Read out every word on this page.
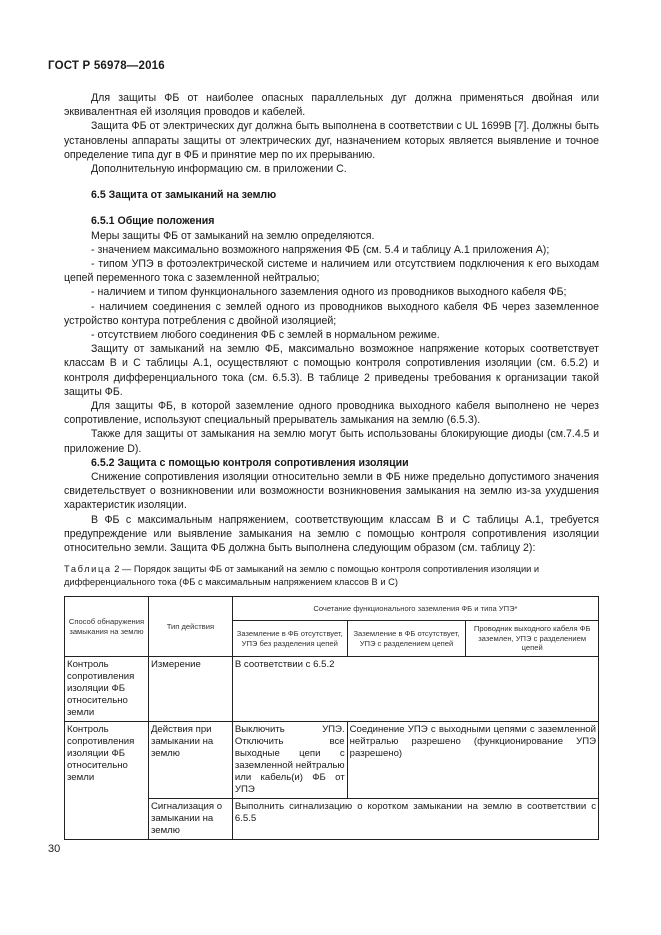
ГОСТ Р 56978—2016

Для защиты ФБ от наиболее опасных параллельных дуг должна применяться двойная или эквивалентная ей изоляция проводов и кабелей.

Защита ФБ от электрических дуг должна быть выполнена в соответствии с UL 1699B [7]. Должны быть установлены аппараты защиты от электрических дуг, назначением которых является выявление и точное определение типа дуг в ФБ и принятие мер по их прерыванию.

Дополнительную информацию см. в приложении С.

6.5 Защита от замыканий на землю
6.5.1 Общие положения

Меры защиты ФБ от замыканий на землю определяются.

- значением максимально возможного напряжения ФБ (см. 5.4 и таблицу А.1 приложения А);

- типом УПЭ в фотоэлектрической системе и наличием или отсутствием подключения к его выходам цепей переменного тока с заземленной нейтралью;

- наличием и типом функционального заземления одного из проводников выходного кабеля ФБ;

- наличием соединения с землей одного из проводников выходного кабеля ФБ через заземленное устройство контура потребления с двойной изоляцией;

- отсутствием любого соединения ФБ с землей в нормальном режиме.

Защиту от замыканий на землю ФБ, максимально возможное напряжение которых соответствует классам В и С таблицы А.1, осуществляют с помощью контроля сопротивления изоляции (см. 6.5.2) и контроля дифференциального тока (см. 6.5.3). В таблице 2 приведены требования к организации такой защиты ФБ.

Для защиты ФБ, в которой заземление одного проводника выходного кабеля выполнено не через сопротивление, используют специальный прерыватель замыкания на землю (6.5.3).

Также для защиты от замыкания на землю могут быть использованы блокирующие диоды (см.7.4.5 и приложение D).

6.5.2 Защита с помощью контроля сопротивления изоляции

Снижение сопротивления изоляции относительно земли в ФБ ниже предельно допустимого значения свидетельствует о возникновении или возможности возникновения замыкания на землю из-за ухудшения характеристик изоляции.

В ФБ с максимальным напряжением, соответствующим классам В и С таблицы А.1, требуется предупреждение или выявление замыкания на землю с помощью контроля сопротивления изоляции относительно земли. Защита ФБ должна быть выполнена следующим образом (см. таблицу 2):

Таблица 2 — Порядок защиты ФБ от замыканий на землю с помощью контроля сопротивления изоляции и дифференциального тока (ФБ с максимальным напряжением классов В и С)
Способ обнаружения замыкания на землю	Тип действия	Сочетание функционального заземления ФБ и типа УПЭ*		
		Заземление в ФБ отсутствует, УПЭ без разделения цепей	Заземление в ФБ отсутствует, УПЭ с разделением цепей	Проводник выходного кабеля ФБ заземлен, УПЭ с разделением цепей
Контроль сопротивления изоляции ФБ относительно земли	Измерение	В соответствии с 6.5.2		
Контроль сопротивления изоляции ФБ относительно земли	Действия при замыкании на землю	Выключить УПЭ. Отключить все выходные цепи с заземленной нейтралью или кабель(и) ФБ от УПЭ	Соединение УПЭ с выходными цепями с заземленной нейтралью разрешено (функционирование УПЭ разрешено)	
	Сигнализация о замыкании на землю	Выполнить сигнализацию о коротком замыкании на землю в соответствии с 6.5.5		
30
